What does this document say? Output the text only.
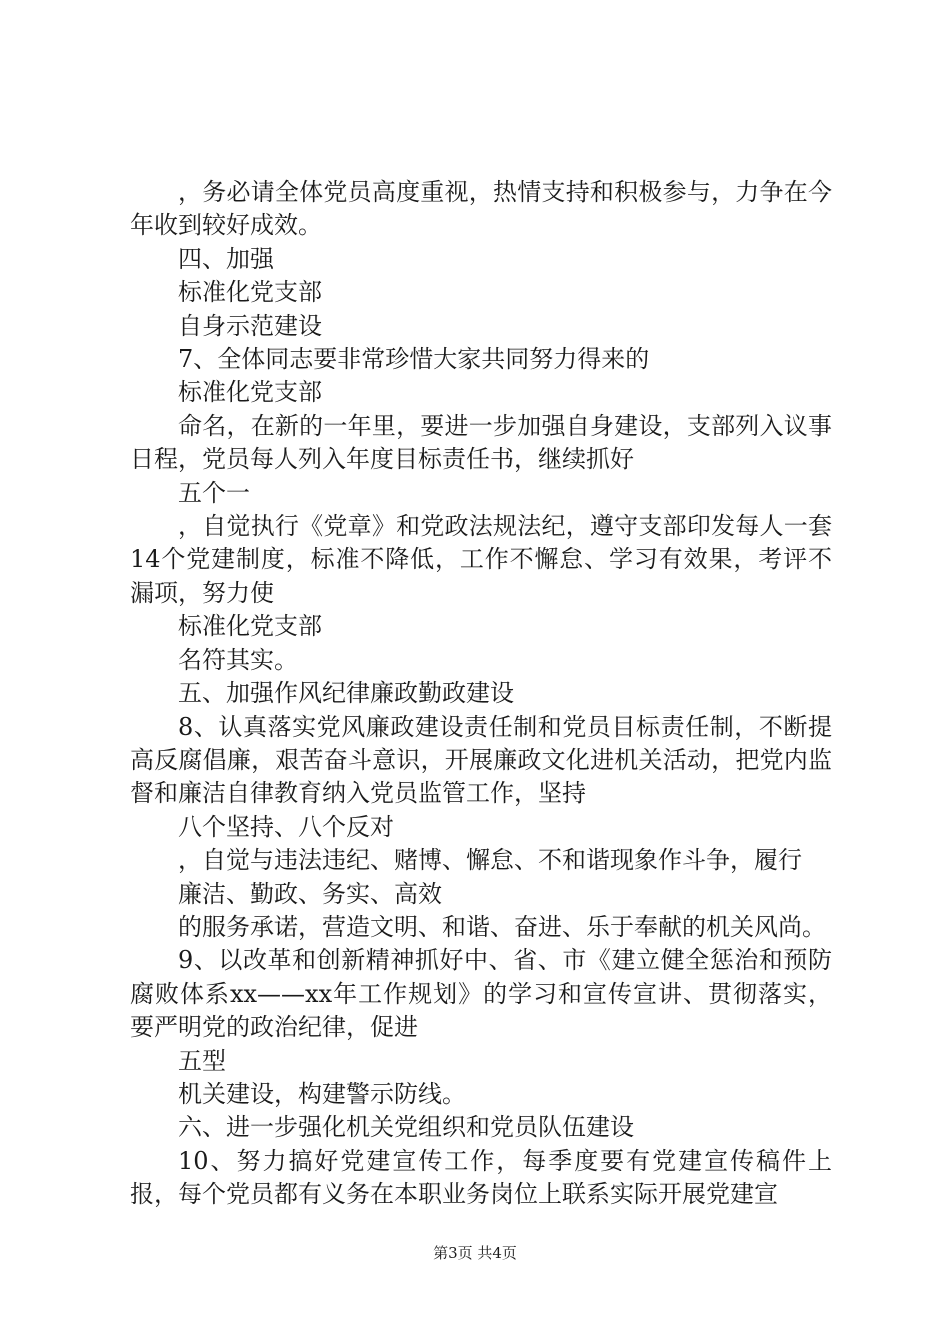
，务必请全体党员高度重视，热情支持和积极参与，力争在今年收到较好成效。

四、加强

标准化党支部

自身示范建设

7、全体同志要非常珍惜大家共同努力得来的

标准化党支部

命名，在新的一年里，要进一步加强自身建设，支部列入议事日程，党员每人列入年度目标责任书，继续抓好

五个一

，自觉执行《党章》和党政法规法纪，遵守支部印发每人一套14个党建制度，标准不降低，工作不懈怠、学习有效果，考评不漏项，努力使

标准化党支部

名符其实。

五、加强作风纪律廉政勤政建设

8、认真落实党风廉政建设责任制和党员目标责任制，不断提高反腐倡廉，艰苦奋斗意识，开展廉政文化进机关活动，把党内监督和廉洁自律教育纳入党员监管工作，坚持

八个坚持、八个反对

，自觉与违法违纪、赌博、懈怠、不和谐现象作斗争，履行

廉洁、勤政、务实、高效

的服务承诺，营造文明、和谐、奋进、乐于奉献的机关风尚。

9、以改革和创新精神抓好中、省、市《建立健全惩治和预防腐败体系xx——xx年工作规划》的学习和宣传宣讲、贯彻落实，要严明党的政治纪律，促进

五型

机关建设，构建警示防线。

六、进一步强化机关党组织和党员队伍建设

10、努力搞好党建宣传工作，每季度要有党建宣传稿件上报，每个党员都有义务在本职业务岗位上联系实际开展党建宣

第3页 共4页
